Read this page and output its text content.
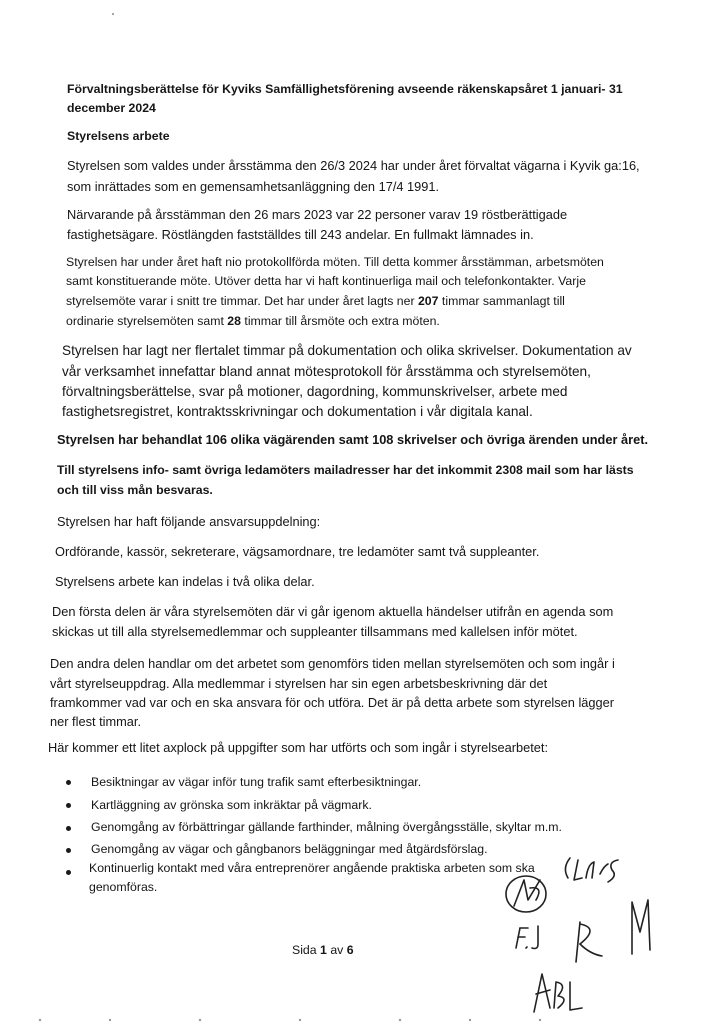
Förvaltningsberättelse för Kyviks Samfällighetsförening avseende räkenskapsåret 1 januari- 31

december 2024

Styrelsens arbete

Styrelsen som valdes under årsstämma den 26/3 2024 har under året förvaltat vägarna i Kyvik ga:16,

som inrättades som en gemensamhetsanläggning den 17/4 1991.

Närvarande på årsstämman den 26 mars 2023 var 22 personer varav 19 röstberättigade

fastighetsägare. Röstlängden fastställdes till 243 andelar. En fullmakt lämnades in.

Styrelsen har under året haft nio protokollförda möten. Till detta kommer årsstämman, arbetsmöten

samt konstituerande möte. Utöver detta har vi haft kontinuerliga mail och telefonkontakter. Varje

styrelsemöte varar i snitt tre timmar. Det har under året lagts ner 207 timmar sammanlagt till

ordinarie styrelsemöten samt 28 timmar till årsmöte och extra möten.

Styrelsen har lagt ner flertalet timmar på dokumentation och olika skrivelser. Dokumentation av

vår verksamhet innefattar bland annat mötesprotokoll för årsstämma och styrelsemöten,

förvaltningsberättelse, svar på motioner, dagordning, kommunskrivelser, arbete med

fastighetsregistret, kontraktsskrivningar och dokumentation i vår digitala kanal.

Styrelsen har behandlat 106 olika vägärenden samt 108 skrivelser och övriga ärenden under året.

Till styrelsens info- samt övriga ledamöters mailadresser har det inkommit 2308 mail som har lästs

och till viss mån besvaras.

Styrelsen har haft följande ansvarsuppdelning:

Ordförande, kassör, sekreterare, vägsamordnare, tre ledamöter samt två suppleanter.

Styrelsens arbete kan indelas i två olika delar.

Den första delen är våra styrelsemöten där vi går igenom aktuella händelser utifrån en agenda som

skickas ut till alla styrelsemedlemmar och suppleanter tillsammans med kallelsen inför mötet.

Den andra delen handlar om det arbetet som genomförs tiden mellan styrelsemöten och som ingår i

vårt styrelseuppdrag. Alla medlemmar i styrelsen har sin egen arbetsbeskrivning där det

framkommer vad var och en ska ansvara för och utföra. Det är på detta arbete som styrelsen lägger

ner flest timmar.

Här kommer ett litet axplock på uppgifter som har utförts och som ingår i styrelsearbetet:

Besiktningar av vägar inför tung trafik samt efterbesiktningar.

Kartläggning av grönska som inkräktar på vägmark.

Genomgång av förbättringar gällande farthinder, målning övergångsställe, skyltar m.m.

Genomgång av vägar och gångbanors beläggningar med åtgärdsförslag.

Kontinuerlig kontakt med våra entreprenörer angående praktiska arbeten som ska

genomföras.

Sida 1 av 6
